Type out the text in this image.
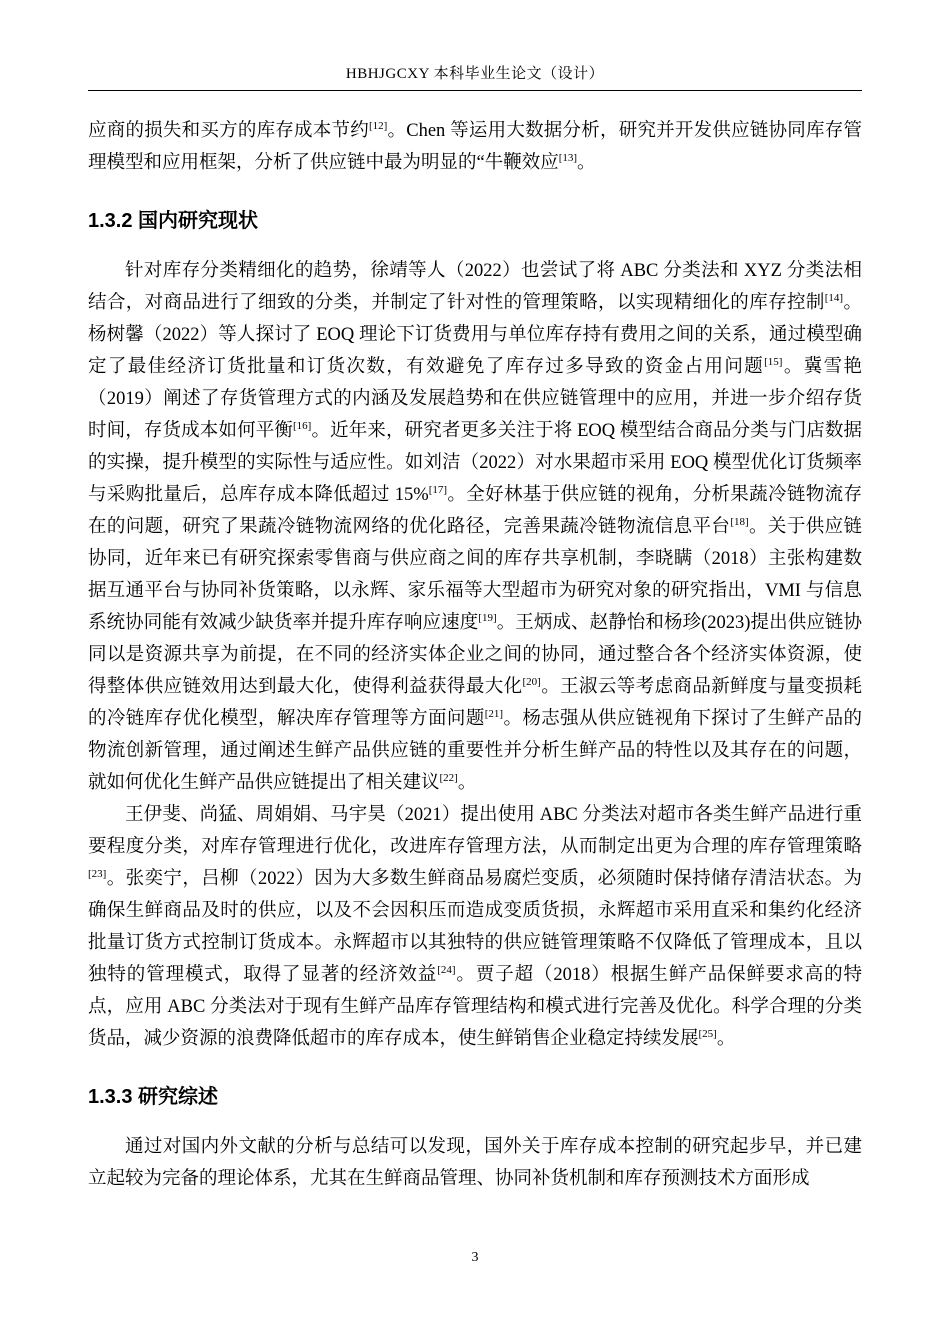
HBHJGCXY 本科毕业生论文（设计）

应商的损失和买方的库存成本节约[12]。Chen 等运用大数据分析，研究并开发供应链协同库存管理模型和应用框架，分析了供应链中最为明显的“牛鞭效应[13]。

1.3.2 国内研究现状

针对库存分类精细化的趋势，徐靖等人（2022）也尝试了将 ABC 分类法和 XYZ 分类法相结合，对商品进行了细致的分类，并制定了针对性的管理策略，以实现精细化的库存控制[14]。杨树馨（2022）等人探讨了 EOQ 理论下订货费用与单位库存持有费用之间的关系，通过模型确定了最佳经济订货批量和订货次数，有效避免了库存过多导致的资金占用问题[15]。冀雪艳（2019）阐述了存货管理方式的内涵及发展趋势和在供应链管理中的应用，并进一步介绍存货时间，存货成本如何平衡[16]。近年来，研究者更多关注于将 EOQ 模型结合商品分类与门店数据的实操，提升模型的实际性与适应性。如刘洁（2022）对水果超市采用 EOQ 模型优化订货频率与采购批量后，总库存成本降低超过 15%[17]。全好林基于供应链的视角，分析果蔬冷链物流存在的问题，研究了果蔬冷链物流网络的优化路径，完善果蔬冷链物流信息平台[18]。关于供应链协同，近年来已有研究探索零售商与供应商之间的库存共享机制，李晓瞒（2018）主张构建数据互通平台与协同补货策略，以永辉、家乐福等大型超市为研究对象的研究指出，VMI 与信息系统协同能有效减少缺货率并提升库存响应速度[19]。王炳成、赵静怡和杨珍(2023)提出供应链协同以是资源共享为前提，在不同的经济实体企业之间的协同，通过整合各个经济实体资源，使得整体供应链效用达到最大化，使得利益获得最大化[20]。王淑云等考虑商品新鲜度与量变损耗的冷链库存优化模型，解决库存管理等方面问题[21]。杨志强从供应链视角下探讨了生鲜产品的物流创新管理，通过阐述生鲜产品供应链的重要性并分析生鲜产品的特性以及其存在的问题，就如何优化生鲜产品供应链提出了相关建议[22]。

王伊斐、尚猛、周娟娟、马宇昊（2021）提出使用 ABC 分类法对超市各类生鲜产品进行重要程度分类，对库存管理进行优化，改进库存管理方法，从而制定出更为合理的库存管理策略[23]。张奕宁，吕柳（2022）因为大多数生鲜商品易腐烂变质，必须随时保持储存清洁状态。为确保生鲜商品及时的供应，以及不会因积压而造成变质货损，永辉超市采用直采和集约化经济批量订货方式控制订货成本。永辉超市以其独特的供应链管理策略不仅降低了管理成本，且以独特的管理模式，取得了显著的经济效益[24]。贾子超（2018）根据生鲜产品保鲜要求高的特点，应用 ABC 分类法对于现有生鲜产品库存管理结构和模式进行完善及优化。科学合理的分类货品，减少资源的浪费降低超市的库存成本，使生鲜销售企业稳定持续发展[25]。

1.3.3 研究综述

通过对国内外文献的分析与总结可以发现，国外关于库存成本控制的研究起步早，并已建立起较为完备的理论体系，尤其在生鲜商品管理、协同补货机制和库存预测技术方面形成

3
